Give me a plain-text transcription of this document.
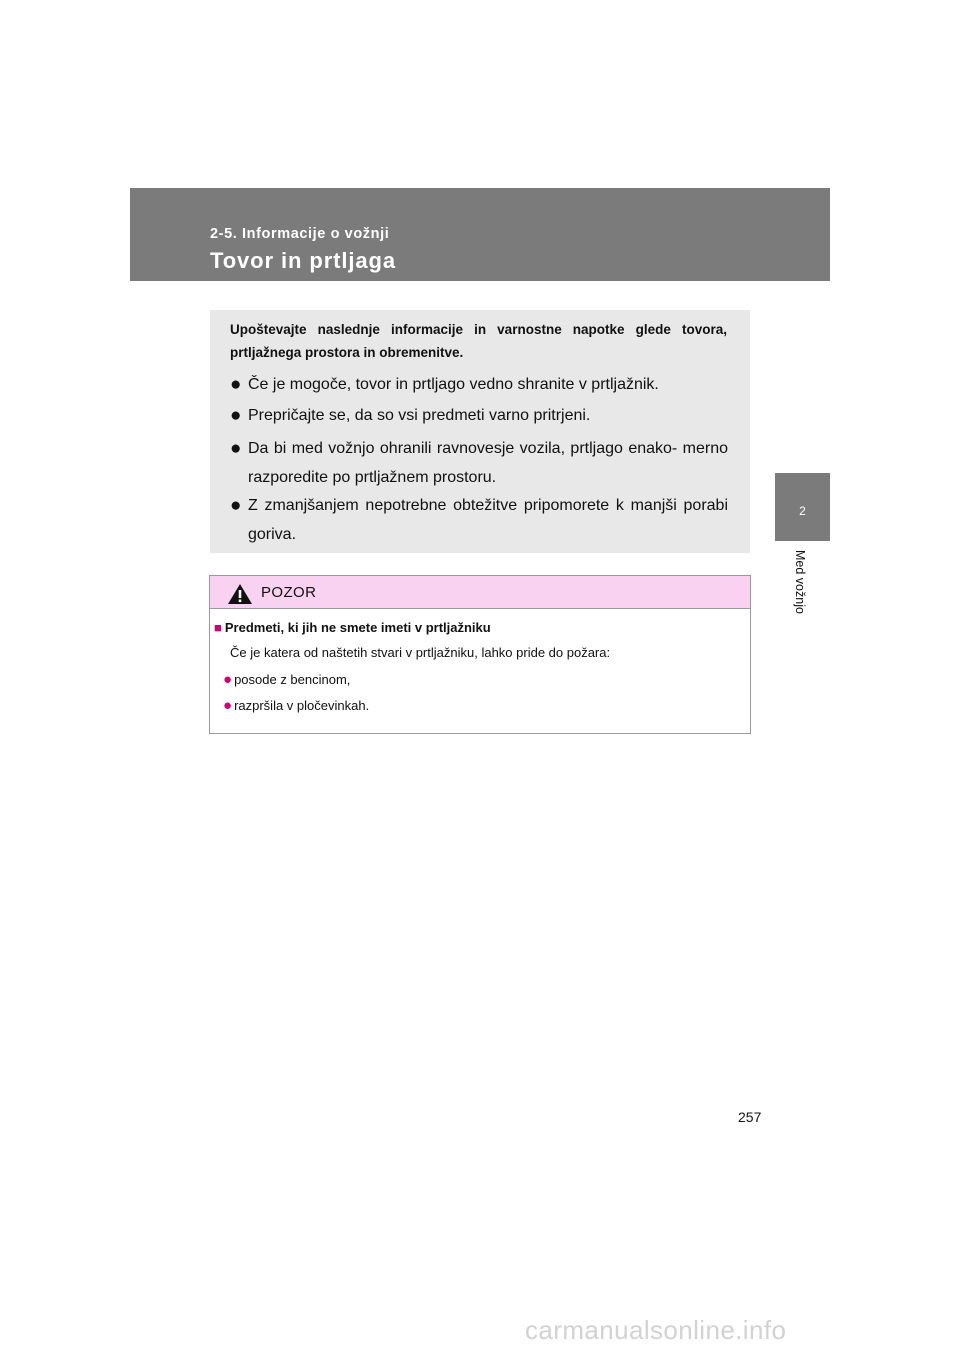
2-5. Informacije o vožnji
Tovor in prtljaga
2
Med vožnjo
Upoštevajte naslednje informacije in varnostne napotke glede tovora, prtljažnega prostora in obremenitve.
● Če je mogoče, tovor in prtljago vedno shranite v prtljažnik.
● Prepričajte se, da so vsi predmeti varno pritrjeni.
● Da bi med vožnjo ohranili ravnovesje vozila, prtljago enako- merno razporedite po prtljažnem prostoru.
● Z zmanjšanjem nepotrebne obtežitve pripomorete k manjši porabi goriva.
POZOR
■ Predmeti, ki jih ne smete imeti v prtljažniku
Če je katera od naštetih stvari v prtljažniku, lahko pride do požara:
● posode z bencinom,
● razpršila v pločevinkah.
257
carmanualsonline.info
